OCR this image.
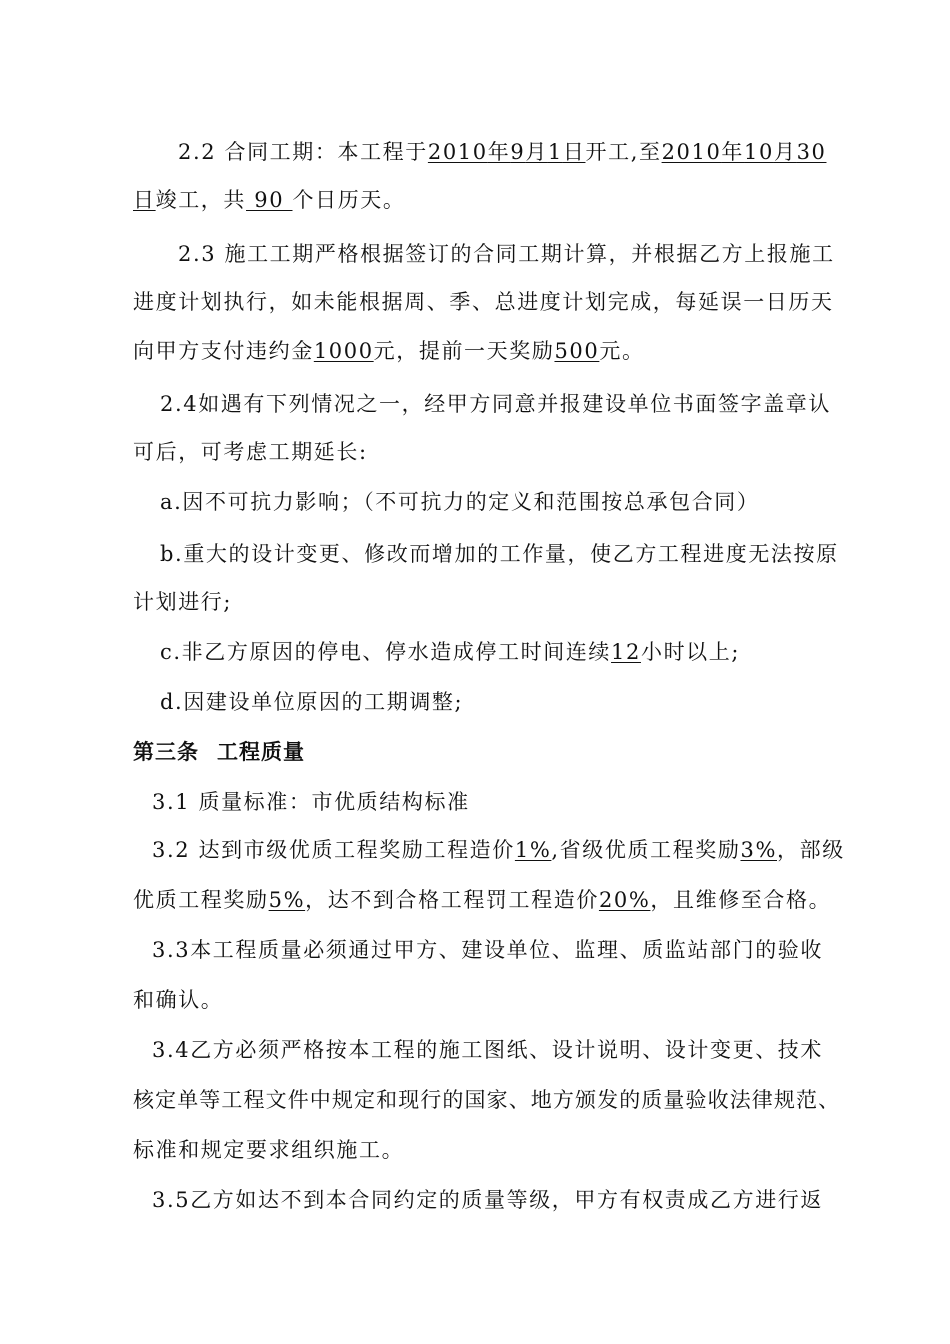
2.2 合同工期：本工程于2010年9月1日开工,至2010年10月30
日竣工，共 90 个日历天。
2.3 施工工期严格根据签订的合同工期计算，并根据乙方上报施工
进度计划执行，如未能根据周、季、总进度计划完成，每延误一日历天
向甲方支付违约金1000元，提前一天奖励500元。
2.4如遇有下列情况之一，经甲方同意并报建设单位书面签字盖章认
可后，可考虑工期延长:
a.因不可抗力影响；（不可抗力的定义和范围按总承包合同）
b.重大的设计变更、修改而增加的工作量，使乙方工程进度无法按原
计划进行;
c.非乙方原因的停电、停水造成停工时间连续12小时以上;
d.因建设单位原因的工期调整;
第三条 工程质量
3.1 质量标准：市优质结构标准
3.2 达到市级优质工程奖励工程造价1%,省级优质工程奖励3%，部级
优质工程奖励5%，达不到合格工程罚工程造价20%，且维修至合格。
3.3本工程质量必须通过甲方、建设单位、监理、质监站部门的验收
和确认。
3.4乙方必须严格按本工程的施工图纸、设计说明、设计变更、技术
核定单等工程文件中规定和现行的国家、地方颁发的质量验收法律规范、
标准和规定要求组织施工。
3.5乙方如达不到本合同约定的质量等级，甲方有权责成乙方进行返
